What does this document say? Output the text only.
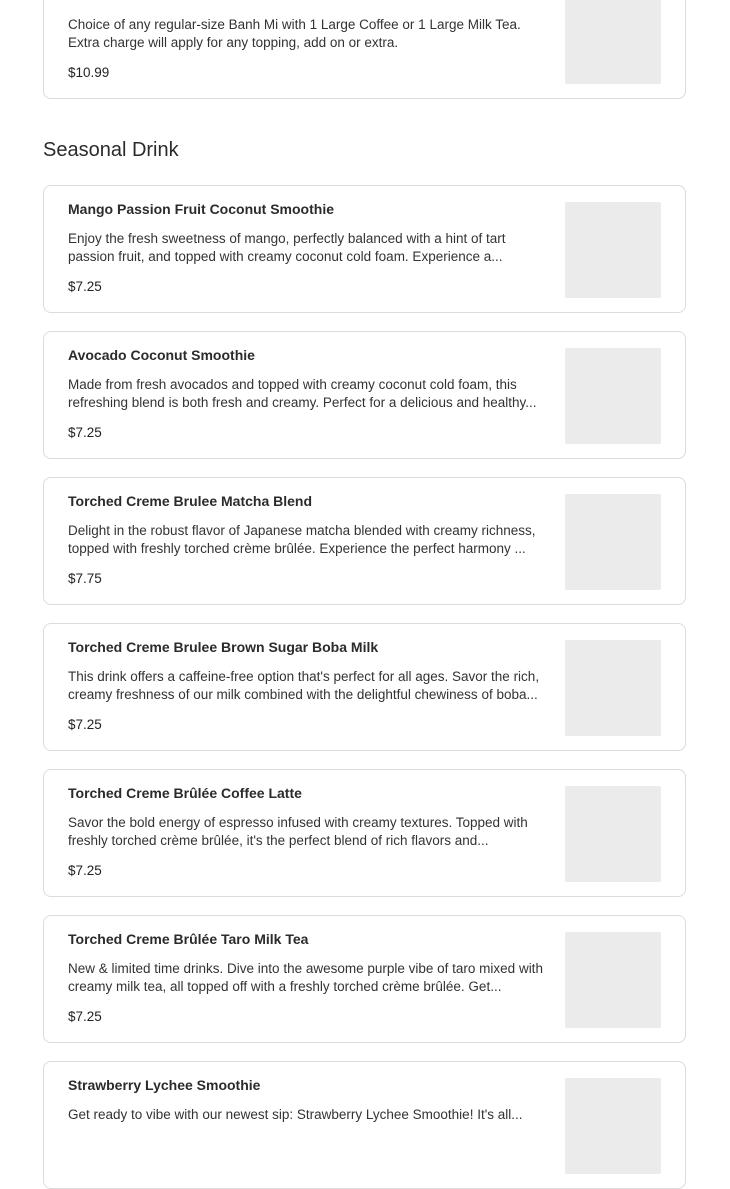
Choice of any regular-size Banh Mi with 1 Large Coffee or 1 Large Milk Tea. Extra charge will apply for any topping, add on or extra.
$10.99
Seasonal Drink
Mango Passion Fruit Coconut Smoothie
Enjoy the fresh sweetness of mango, perfectly balanced with a hint of tart passion fruit, and topped with creamy coconut cold foam. Experience a...
$7.25
Avocado Coconut Smoothie
Made from fresh avocados and topped with creamy coconut cold foam, this refreshing blend is both fresh and creamy. Perfect for a delicious and healthy...
$7.25
Torched Creme Brulee Matcha Blend
Delight in the robust flavor of Japanese matcha blended with creamy richness, topped with freshly torched crème brûlée. Experience the perfect harmony ...
$7.75
Torched Creme Brulee Brown Sugar Boba Milk
This drink offers a caffeine-free option that's perfect for all ages. Savor the rich, creamy freshness of our milk combined with the delightful chewiness of boba...
$7.25
Torched Creme Brûlée Coffee Latte
Savor the bold energy of espresso infused with creamy textures. Topped with freshly torched crème brûlée, it's the perfect blend of rich flavors and...
$7.25
Torched Creme Brûlée Taro Milk Tea
New & limited time drinks. Dive into the awesome purple vibe of taro mixed with creamy milk tea, all topped off with a freshly torched crème brûlée. Get...
$7.25
Strawberry Lychee Smoothie
Get ready to vibe with our newest sip: Strawberry Lychee Smoothie! It's all...
